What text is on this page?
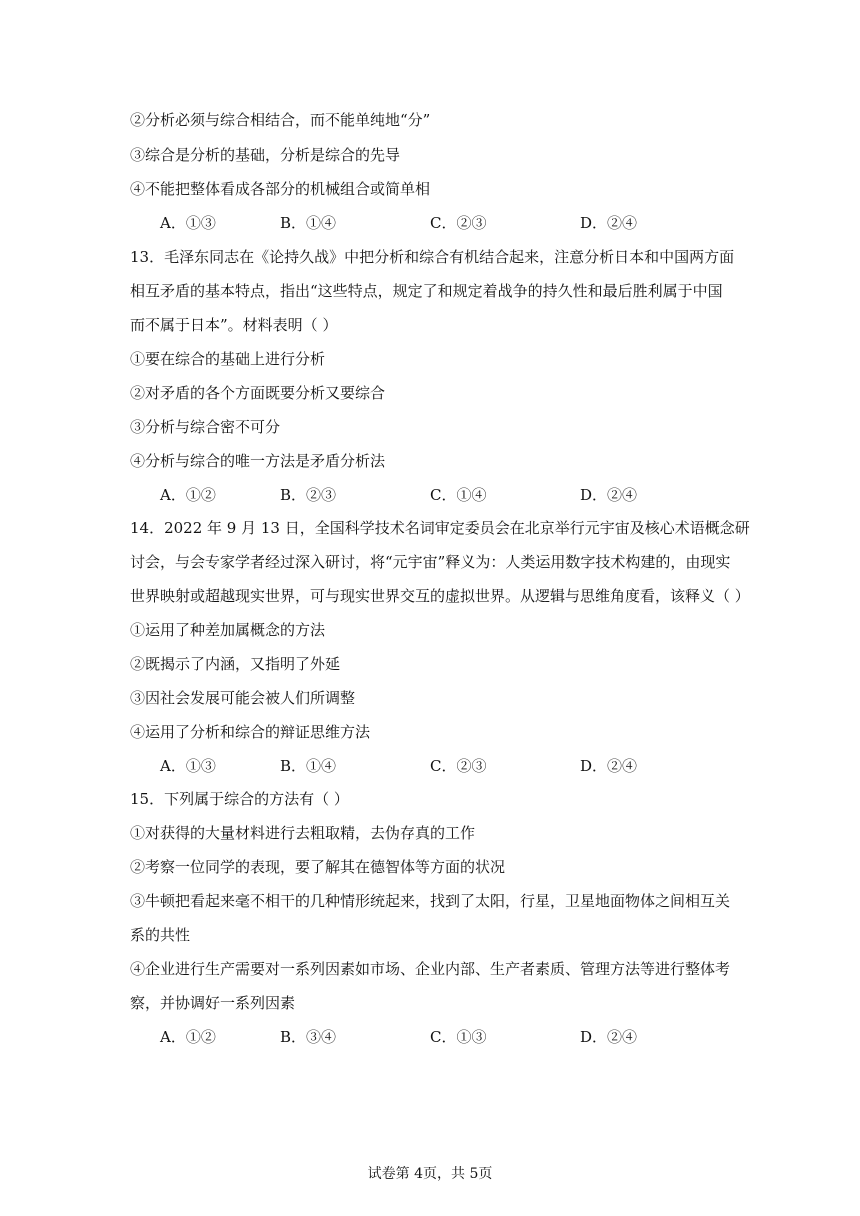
②分析必须与综合相结合，而不能单纯地“分”
③综合是分析的基础，分析是综合的先导
④不能把整体看成各部分的机械组合或简单相
A．①③	B．①④	C．②③	D．②④
13．毛泽东同志在《论持久战》中把分析和综合有机结合起来，注意分析日本和中国两方面
相互矛盾的基本特点，指出“这些特点，规定了和规定着战争的持久性和最后胜利属于中国
而不属于日本”。材料表明（ ）
①要在综合的基础上进行分析
②对矛盾的各个方面既要分析又要综合
③分析与综合密不可分
④分析与综合的唯一方法是矛盾分析法
A．①②	B．②③	C．①④	D．②④
14．2022 年 9 月 13 日，全国科学技术名词审定委员会在北京举行元宇宙及核心术语概念研
讨会，与会专家学者经过深入研讨，将“元宇宙”释义为：人类运用数字技术构建的，由现实
世界映射或超越现实世界，可与现实世界交互的虚拟世界。从逻辑与思维角度看，该释义（ ）
①运用了种差加属概念的方法
②既揭示了内涵，又指明了外延
③因社会发展可能会被人们所调整
④运用了分析和综合的辩证思维方法
A．①③	B．①④	C．②③	D．②④
15．下列属于综合的方法有（ ）
①对获得的大量材料进行去粗取精，去伪存真的工作
②考察一位同学的表现，要了解其在德智体等方面的状况
③牛顿把看起来毫不相干的几种情形统起来，找到了太阳，行星，卫星地面物体之间相互关
系的共性
④企业进行生产需要对一系列因素如市场、企业内部、生产者素质、管理方法等进行整体考
察，并协调好一系列因素
A．①②	B．③④	C．①③	D．②④
试卷第 4页，共 5页
